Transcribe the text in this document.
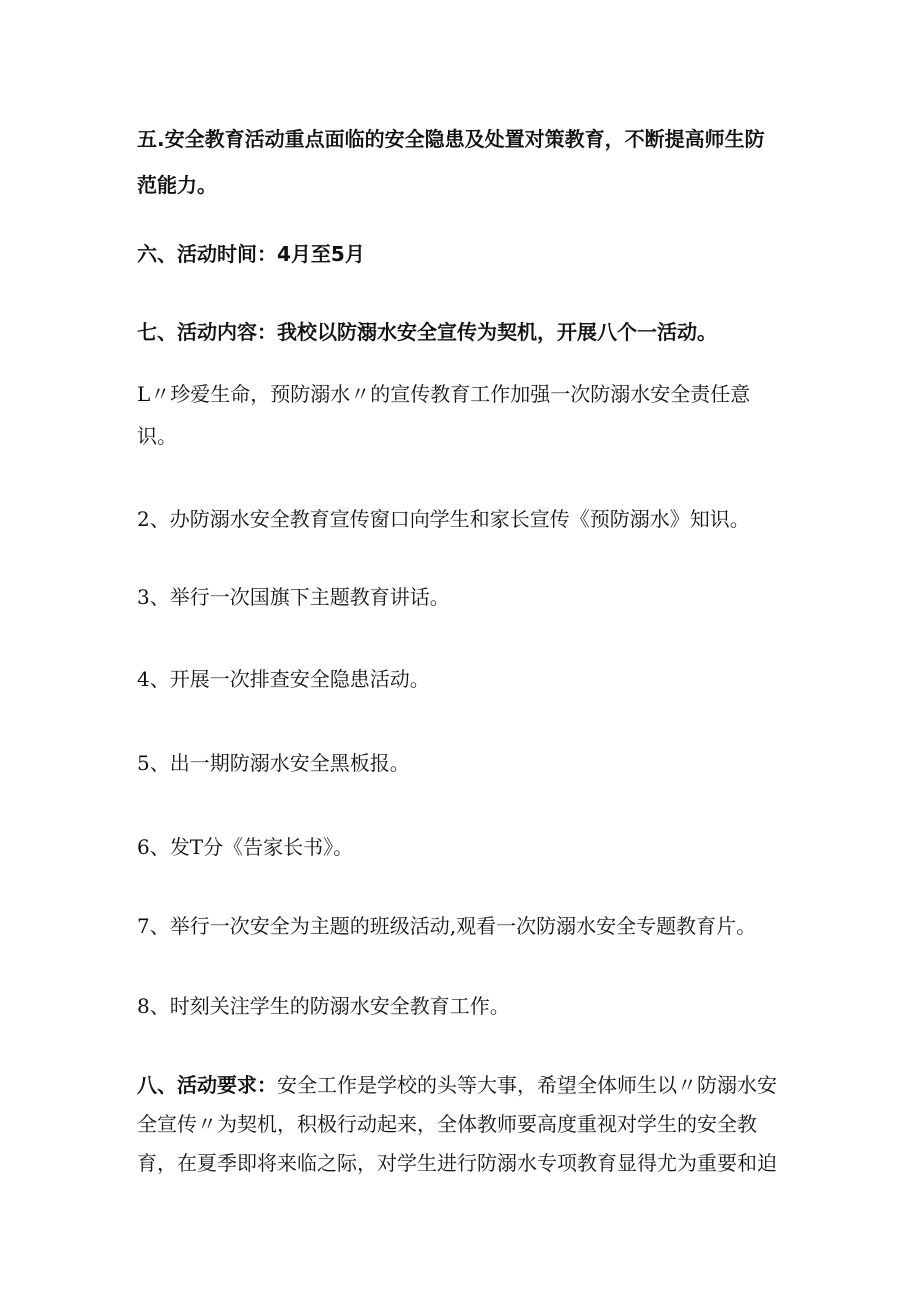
五.安全教育活动重点面临的安全隐患及处置对策教育，不断提高师生防范能力。

六、活动时间：4月至5月

七、活动内容：我校以防溺水安全宣传为契机，开展八个一活动。

L〃珍爱生命，预防溺水〃的宣传教育工作加强一次防溺水安全责任意识。

2、办防溺水安全教育宣传窗口向学生和家长宣传《预防溺水》知识。

3、举行一次国旗下主题教育讲话。

4、开展一次排查安全隐患活动。

5、出一期防溺水安全黑板报。

6、发T分《告家长书》。

7、举行一次安全为主题的班级活动,观看一次防溺水安全专题教育片。

8、时刻关注学生的防溺水安全教育工作。

八、活动要求：安全工作是学校的头等大事，希望全体师生以〃防溺水安全宣传〃为契机，积极行动起来，全体教师要高度重视对学生的安全教育，在夏季即将来临之际，对学生进行防溺水专项教育显得尤为重要和迫
